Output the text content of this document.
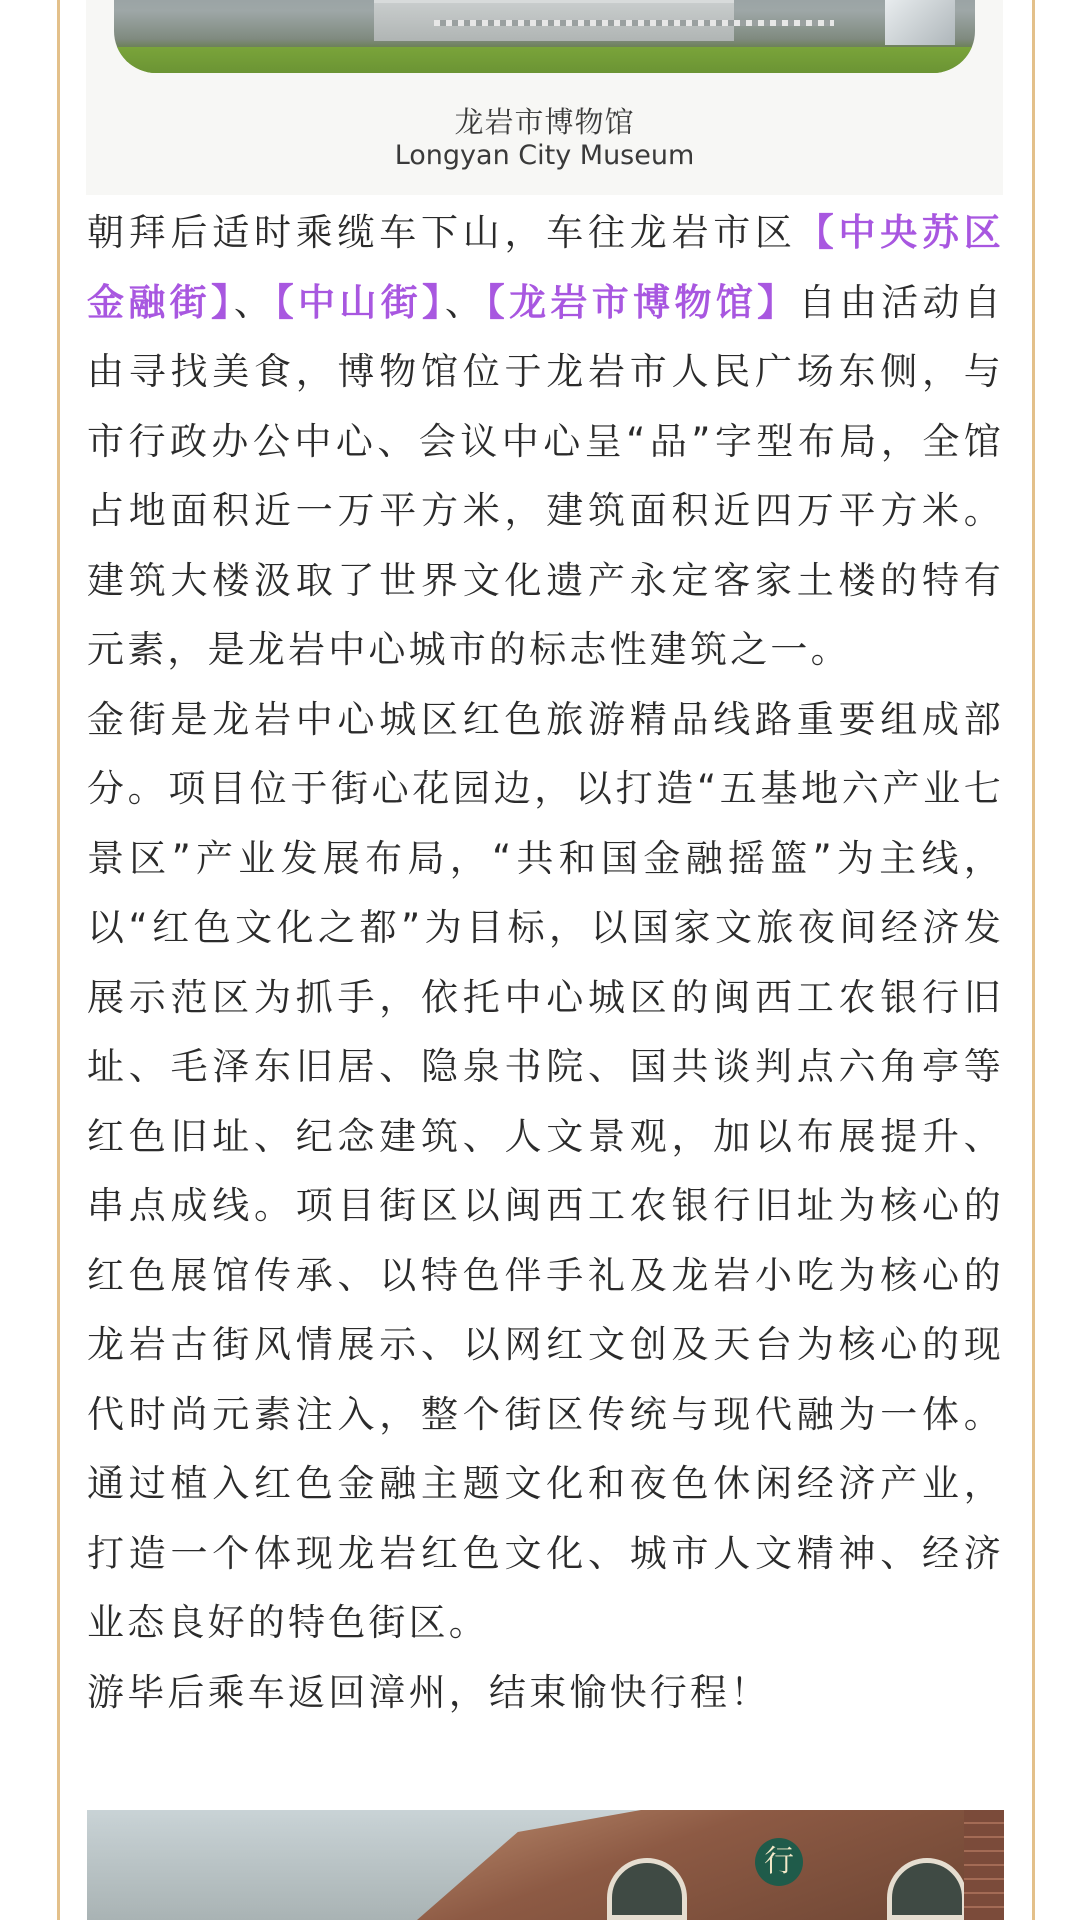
龙岩市博物馆
Longyan City Museum

朝拜后适时乘缆车下山，车往龙岩市区【中央苏区金融街】、【中山街】、【龙岩市博物馆】自由活动自由寻找美食，博物馆位于龙岩市人民广场东侧，与市行政办公中心、会议中心呈“品”字型布局，全馆占地面积近一万平方米，建筑面积近四万平方米。建筑大楼汲取了世界文化遗产永定客家土楼的特有元素，是龙岩中心城市的标志性建筑之一。

金街是龙岩中心城区红色旅游精品线路重要组成部分。项目位于街心花园边，以打造“五基地六产业七景区”产业发展布局，“共和国金融摇篮”为主线，以“红色文化之都”为目标，以国家文旅夜间经济发展示范区为抓手，依托中心城区的闽西工农银行旧址、毛泽东旧居、隐泉书院、国共谈判点六角亭等红色旧址、纪念建筑、人文景观，加以布展提升、串点成线。项目街区以闽西工农银行旧址为核心的红色展馆传承、以特色伴手礼及龙岩小吃为核心的龙岩古街风情展示、以网红文创及天台为核心的现代时尚元素注入，整个街区传统与现代融为一体。通过植入红色金融主题文化和夜色休闲经济产业，打造一个体现龙岩红色文化、城市人文精神、经济业态良好的特色街区。

游毕后乘车返回漳州，结束愉快行程！

行
